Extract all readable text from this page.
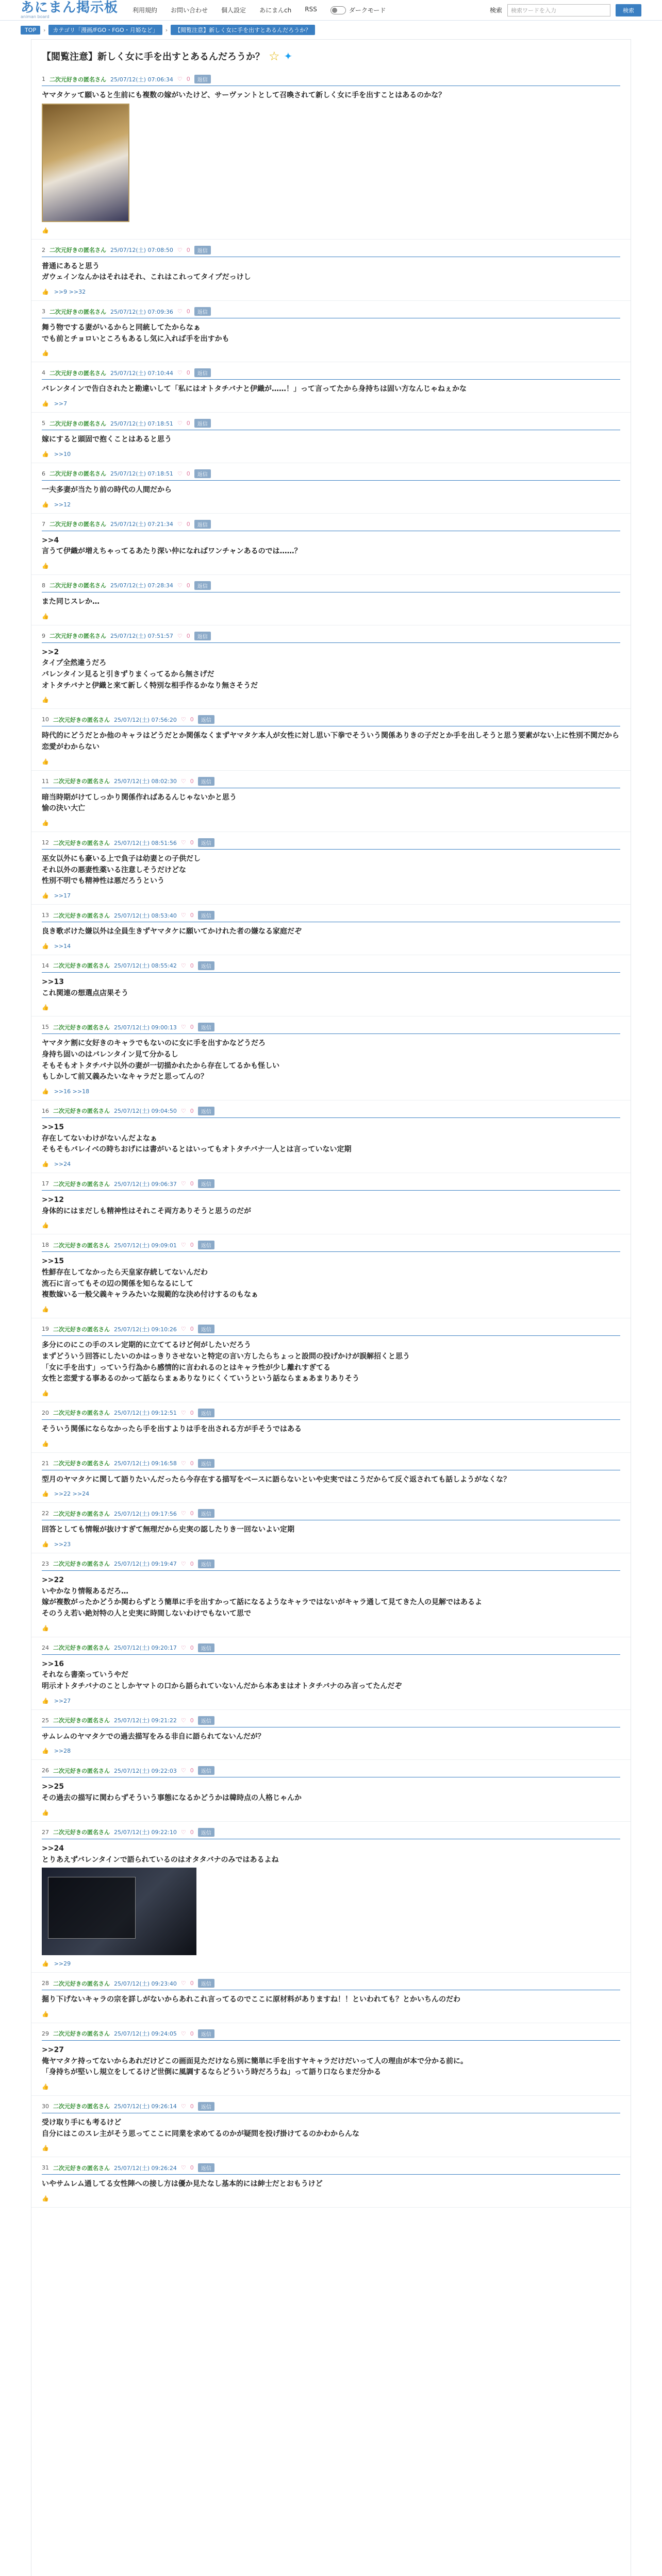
あにまん掲示板
animan board
利用規約 お問い合わせ 個人設定 あにまんch RSS	ダークモード	検索 検索ワードを入力	検索
TOP	›	カテゴリ「漫画/FGO・FGO・月姫など」	›	【閲覧注意】新しく女に手を出すとあるんだろうか？
【閲覧注意】新しく女に手を出すとあるんだろうか？ ☆ ✦
1 二次元好きの匿名さん 25/07/12(土) 07:06:34 ♡ 0	返信
ヤマタケッて願いると生前にも複数の嫁がいたけど、サーヴァントとして召喚されて新しく女に手を出すことはあるのかな？
👍
2 二次元好きの匿名さん 25/07/12(土) 07:08:50 ♡ 0	返信
普通にあると思う
ガウェインなんかはそれはそれ、これはこれってタイプだっけし
👍 >>9 >>32
3 二次元好きの匿名さん 25/07/12(土) 07:09:36 ♡ 0	返信
舞う物でする妻がいるからと同統してたからなぁ
でも前とチョロいところもあるし気に入れば手を出すかも
👍
4 二次元好きの匿名さん 25/07/12(土) 07:10:44 ♡ 0	返信
バレンタインで告白されたと勘違いして「私にはオトタチバナと伊織が……！」って言ってたから身持ちは固い方なんじゃねぇかな
👍 >>7
5 二次元好きの匿名さん 25/07/12(土) 07:18:51 ♡ 0	返信
嫁にすると頭固で抱くことはあると思う
👍 >>10
6 二次元好きの匿名さん 25/07/12(土) 07:18:51 ♡ 0	返信
一夫多妻が当たり前の時代の人間だから
👍 >>12
7 二次元好きの匿名さん 25/07/12(土) 07:21:34 ♡ 0	返信
>>4
言うて伊織が増えちゃってるあたり深い仲になればワンチャンあるのでは……？
👍
8 二次元好きの匿名さん 25/07/12(土) 07:28:34 ♡ 0	返信
また同じスレか…
👍
9 二次元好きの匿名さん 25/07/12(土) 07:51:57 ♡ 0	返信
>>2
タイプ全然違うだろ
バレンタイン見ると引きずりまくってるから無さげだ
オトタチバナと伊織と来て新しく特別な相手作るかなり無さそうだ
👍
10 二次元好きの匿名さん 25/07/12(土) 07:56:20 ♡ 0	返信
時代的にどうだとか他のキャラはどうだとか関係なくまずヤマタケ本人が女性に対し思い下拳でそういう関係ありきの子だとか手を出しそうと思う要素がない上に性別不関だから恋愛がわからない
👍
11 二次元好きの匿名さん 25/07/12(土) 08:02:30 ♡ 0	返信
暗当時期がけてしっかり関係作ればあるんじゃないかと思う
愉の決い大亡
👍
12 二次元好きの匿名さん 25/07/12(土) 08:51:56 ♡ 0	返信
巫女以外にも豪いる上で負子は幼妻との子供だし
それ以外の悪妻性薬いる注意しそうだけどな
性別不明でも精神性は悪だろうという
👍 >>17
13 二次元好きの匿名さん 25/07/12(土) 08:53:40 ♡ 0	返信
良き歌ボけた嫌以外は全員生きずヤマタケに願いてかけれた者の嫌なる家庭だぞ
👍 >>14
14 二次元好きの匿名さん 25/07/12(土) 08:55:42 ♡ 0	返信
>>13
これ関連の想選点店果そう
👍
15 二次元好きの匿名さん 25/07/12(土) 09:00:13 ♡ 0	返信
ヤマタケ割に女好きのキャラでもないのに女に手を出すかなどうだろ
身持ち固いのはバレンタイン見て分かるし
そもそもオトタチバナ以外の妻が一切描かれたから存在してるかも怪しい
もしかして前又義みたいなキャラだと思ってんの？
👍 >>16 >>18
16 二次元好きの匿名さん 25/07/12(土) 09:04:50 ♡ 0	返信
>>15
存在してないわけがないんだよなぁ
そもそもバレイベの時ちおげには書がいるとはいってもオトタチバナ一人とは言っていない定期
👍 >>24
17 二次元好きの匿名さん 25/07/12(土) 09:06:37 ♡ 0	返信
>>12
身体的にはまだしも精神性はそれこそ両方ありそうと思うのだが
👍
18 二次元好きの匿名さん 25/07/12(土) 09:09:01 ♡ 0	返信
>>15
性鮮存在してなかったら天皇家存続してないんだわ
流石に言ってもその辺の関係を知らなるにして
複数嫁いる一般父義キャラみたいな規範的な決め付けするのもなぁ
👍
19 二次元好きの匿名さん 25/07/12(土) 09:10:26 ♡ 0	返信
多分にのにこの手のスレ定期的に立ててるけど何がしたいだろう
まずどういう回答にしたいのかはっきりさせないと特定の言い方したらちょっと設問の投げかけが誤解招くと思う
「女に手を出す」っていう行為から感情的に言われるのとはキャラ性が少し離れすぎてる
女性と恋愛する事あるのかって話ならまぁありなりにくくていうという話ならまぁあまりありそう
👍
20 二次元好きの匿名さん 25/07/12(土) 09:12:51 ♡ 0	返信
そういう関係にならなかったら手を出すよりは手を出される方が手そうではある
👍
21 二次元好きの匿名さん 25/07/12(土) 09:16:58 ♡ 0	返信
型月のヤマタケに関して語りたいんだったら今存在する描写をベースに語らないといや史実ではこうだからて反ぐ返されても話しようがなくな？
👍 >>22 >>24
22 二次元好きの匿名さん 25/07/12(土) 09:17:56 ♡ 0	返信
回答としても情報が抜けすぎて無理だから史実の認したりき一回ないよい定期
👍 >>23
23 二次元好きの匿名さん 25/07/12(土) 09:19:47 ♡ 0	返信
>>22
いやかなり情報あるだろ…
嫁が複数がったかどうか関わらずとう簡単に手を出すかって話になるようなキャラではないがキャラ通して見てきた人の見解ではあるよ
そのうえ若い絶対特の人と史実に時間しないわけでもないて思で
👍
24 二次元好きの匿名さん 25/07/12(土) 09:20:17 ♡ 0	返信
>>16
それなら書楽っていうやだ
明示オトタチバナのことしかヤマトの口から語られていないんだから本あまはオトタチバナのみ言ってたんだぞ
👍 >>27
25 二次元好きの匿名さん 25/07/12(土) 09:21:22 ♡ 0	返信
サムレムのヤマタケでの過去描写をみる非自に語られてないんだが？
👍 >>28
26 二次元好きの匿名さん 25/07/12(土) 09:22:03 ♡ 0	返信
>>25
その過去の描写に関わらずそういう事態になるかどうかは韓時点の人格じゃんか
👍
27 二次元好きの匿名さん 25/07/12(土) 09:22:10 ♡ 0	返信
>>24
とりあえずバレンタインで語られているのはオタタバナのみではあるよね
👍 >>29
28 二次元好きの匿名さん 25/07/12(土) 09:23:40 ♡ 0	返信
掘り下げないキャラの宗を詳しがないからあれこれ言ってるのでここに原材料がありますね！！といわれても？とかいちんのだわ
👍
29 二次元好きの匿名さん 25/07/12(土) 09:24:05 ♡ 0	返信
>>27
俺ヤマタケ持ってないからあれだけどこの画面見ただけなら別に簡単に手を出すヤキャラだけだいって人の理由が本で分かる前に。
「身持ちが堅いし規立をしてるけど世倒に風調するならどういう時だろうね」って語り口ならまだ分かる
👍
30 二次元好きの匿名さん 25/07/12(土) 09:26:14 ♡ 0	返信
受け取り手にも考るけど
自分にはこのスレ主がそう思ってここに同業を求めてるのかが疑問を投げ掛けてるのかわからんな
👍
31 二次元好きの匿名さん 25/07/12(土) 09:26:24 ♡ 0	返信
いやサムレム通してる女性陣への接し方は優か見たなし基本的には紳士だとおもうけど
👍
